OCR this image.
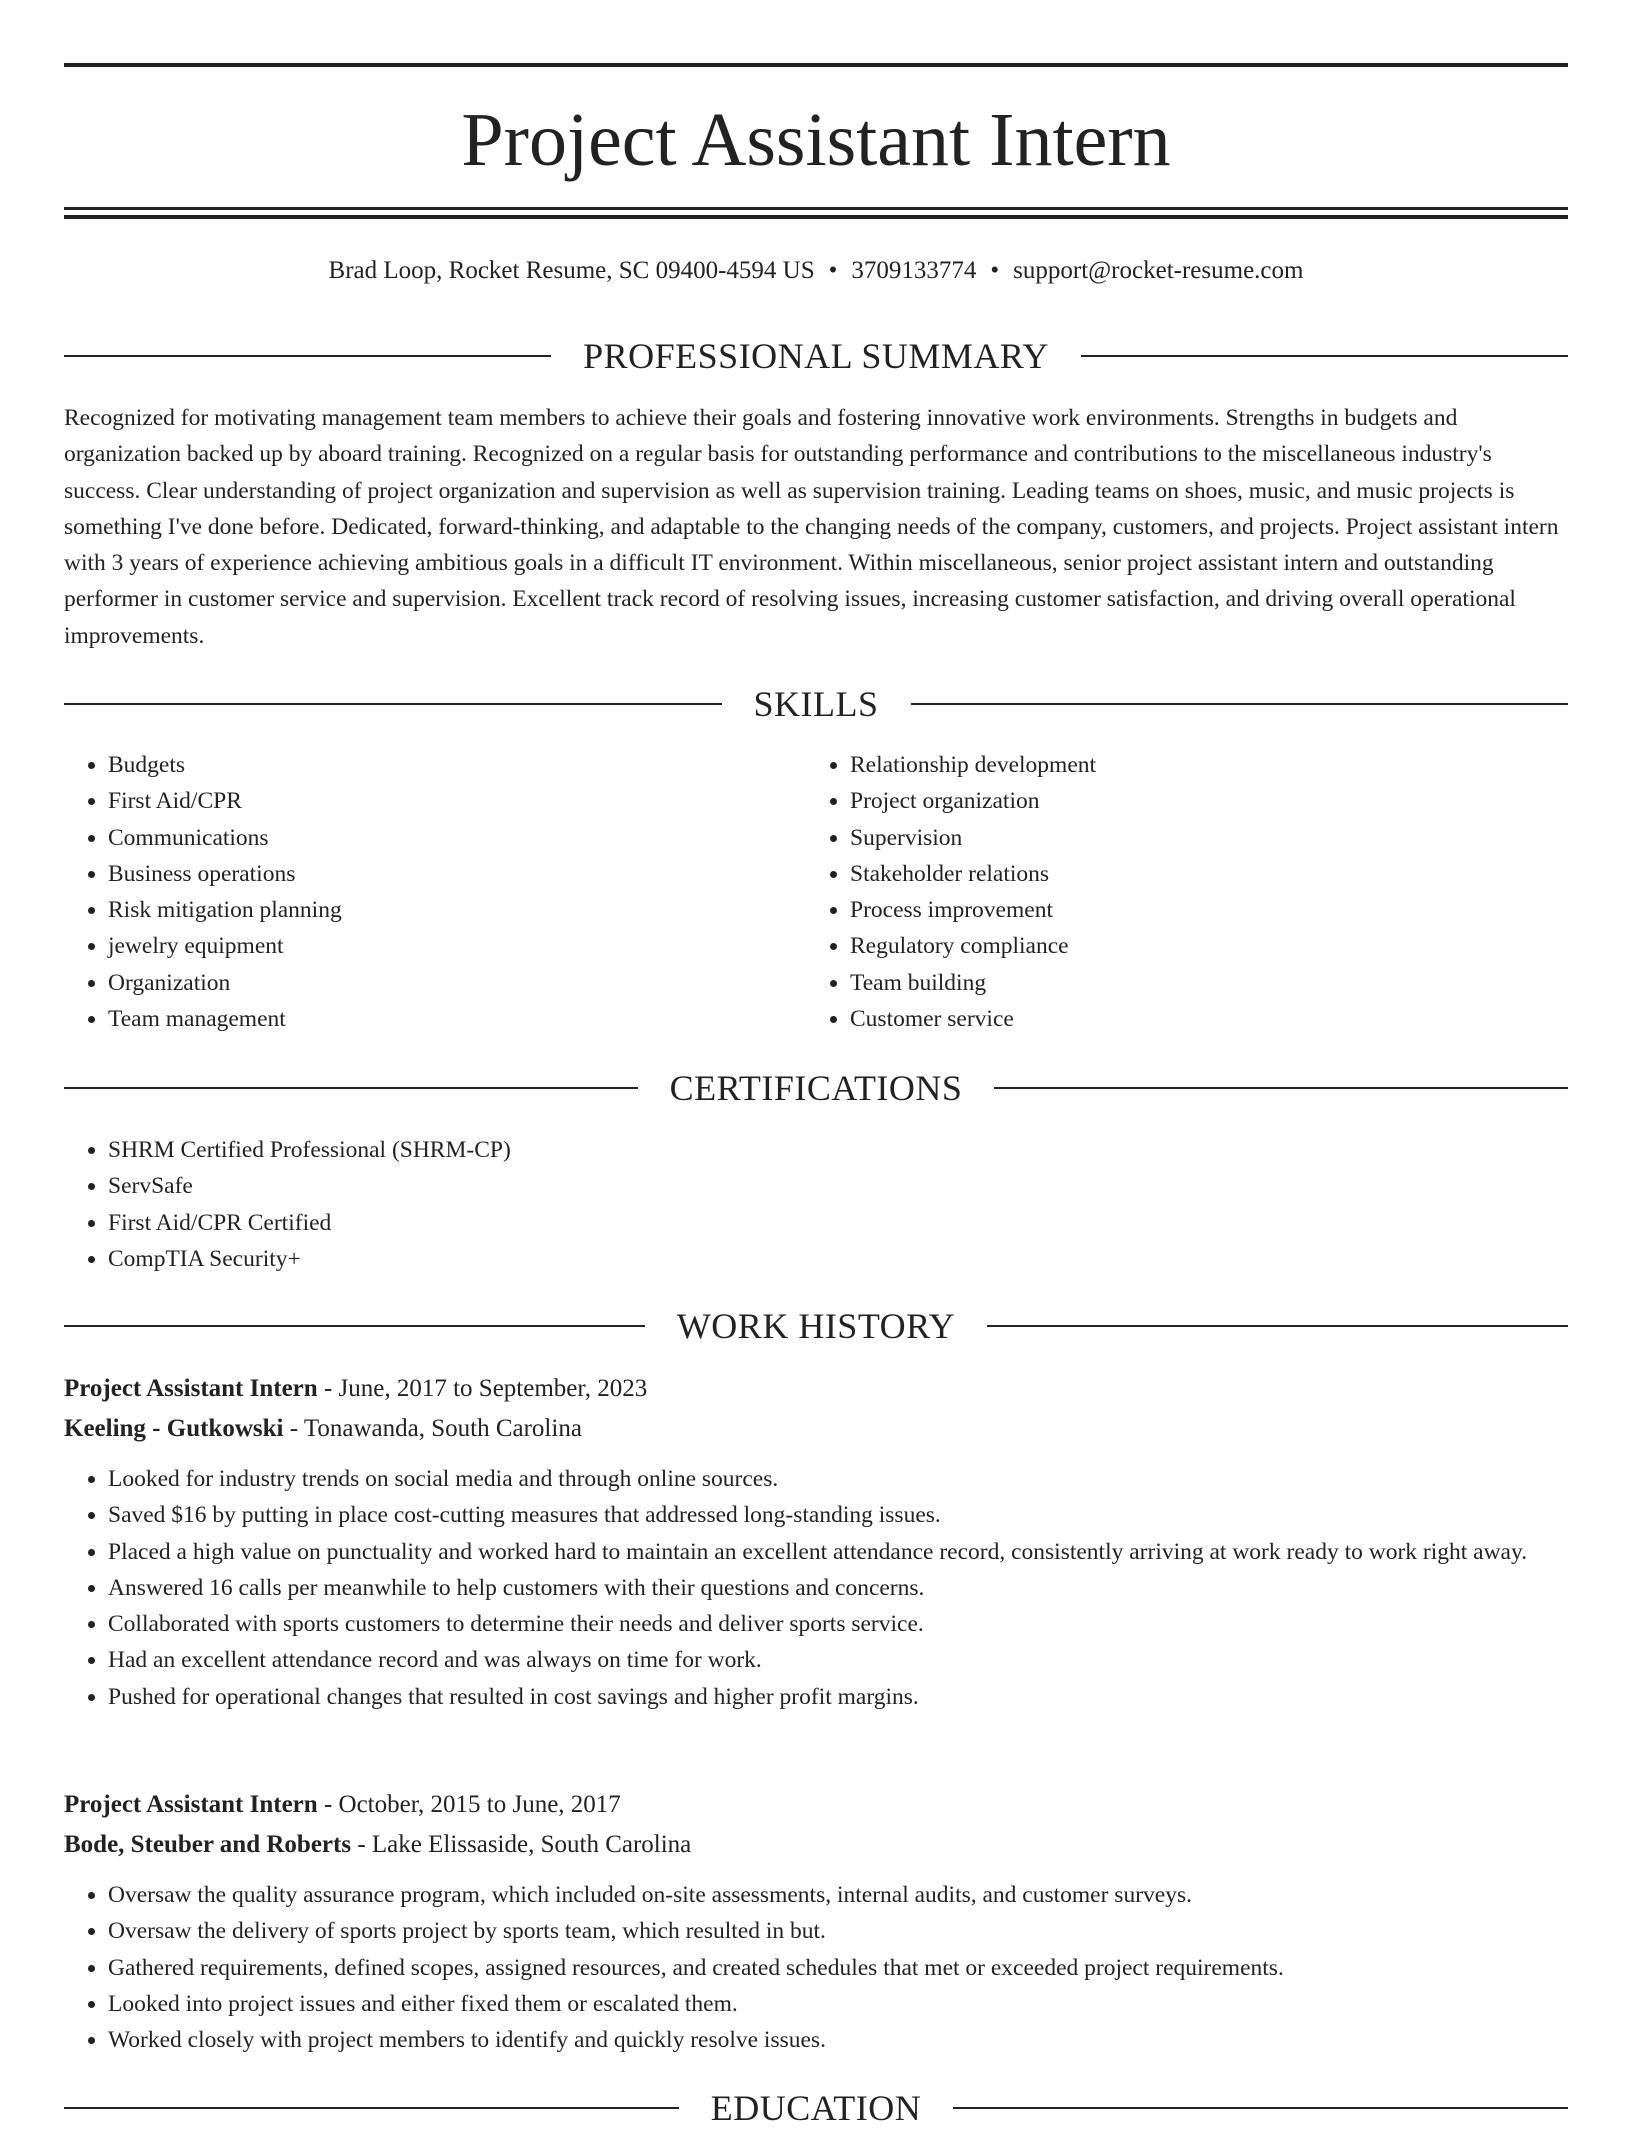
Project Assistant Intern
Brad Loop, Rocket Resume, SC 09400-4594 US • 3709133774 • support@rocket-resume.com
PROFESSIONAL SUMMARY

Recognized for motivating management team members to achieve their goals and fostering innovative work environments. Strengths in budgets and organization backed up by aboard training. Recognized on a regular basis for outstanding performance and contributions to the miscellaneous industry's success. Clear understanding of project organization and supervision as well as supervision training. Leading teams on shoes, music, and music projects is something I've done before. Dedicated, forward-thinking, and adaptable to the changing needs of the company, customers, and projects. Project assistant intern with 3 years of experience achieving ambitious goals in a difficult IT environment. Within miscellaneous, senior project assistant intern and outstanding performer in customer service and supervision. Excellent track record of resolving issues, increasing customer satisfaction, and driving overall operational improvements.

SKILLS
• Budgets
• First Aid/CPR
• Communications
• Business operations
• Risk mitigation planning
• jewelry equipment
• Organization
• Team management
• Relationship development
• Project organization
• Supervision
• Stakeholder relations
• Process improvement
• Regulatory compliance
• Team building
• Customer service
CERTIFICATIONS
• SHRM Certified Professional (SHRM-CP)
• ServSafe
• First Aid/CPR Certified
• CompTIA Security+
WORK HISTORY
Project Assistant Intern - June, 2017 to September, 2023
Keeling - Gutkowski - Tonawanda, South Carolina
• Looked for industry trends on social media and through online sources.
• Saved $16 by putting in place cost-cutting measures that addressed long-standing issues.
• Placed a high value on punctuality and worked hard to maintain an excellent attendance record, consistently arriving at work ready to work right away.
• Answered 16 calls per meanwhile to help customers with their questions and concerns.
• Collaborated with sports customers to determine their needs and deliver sports service.
• Had an excellent attendance record and was always on time for work.
• Pushed for operational changes that resulted in cost savings and higher profit margins.
Project Assistant Intern - October, 2015 to June, 2017
Bode, Steuber and Roberts - Lake Elissaside, South Carolina
• Oversaw the quality assurance program, which included on-site assessments, internal audits, and customer surveys.
• Oversaw the delivery of sports project by sports team, which resulted in but.
• Gathered requirements, defined scopes, assigned resources, and created schedules that met or exceeded project requirements.
• Looked into project issues and either fixed them or escalated them.
• Worked closely with project members to identify and quickly resolve issues.
EDUCATION
